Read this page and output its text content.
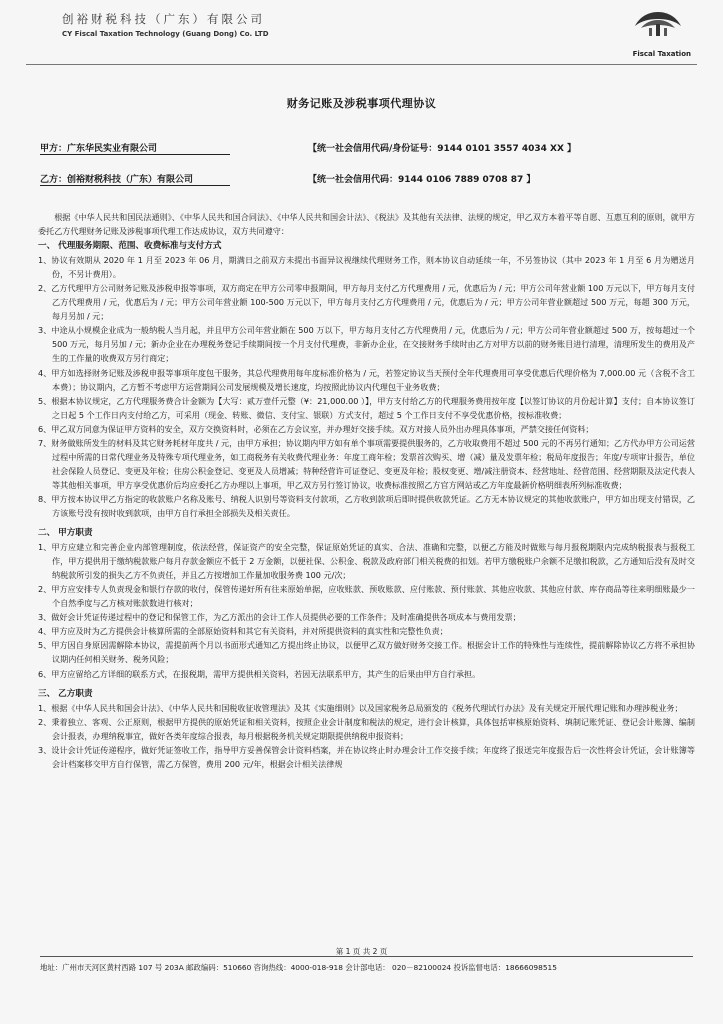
创裕财税科技（广东）有限公司
CY Fiscal Taxation Technology (Guang Dong) Co. LTD
Fiscal Taxation
财务记账及涉税事项代理协议
甲方：广东华民实业有限公司	【统一社会信用代码/身份证号：9144 0101 3557 4034 XX 】
乙方：创裕财税科技（广东）有限公司	【统一社会信用代码：9144 0106 7889 0708 87 】

根据《中华人民共和国民法通则》、《中华人民共和国合同法》、《中华人民共和国会计法》、《税法》及其他有关法律、法规的规定，甲乙双方本着平等自愿、互惠互利的原则，就甲方委托乙方代理财务记账及涉税事项代理工作达成协议，双方共同遵守：

一、 代理服务期限、范围、收费标准与支付方式

1、协议有效期从 2020 年 1 月至 2023 年 06 月，期满日之前双方未提出书面异议视继续代理财务工作，则本协议自动延续一年，不另签协议（其中 2023 年 1 月至 6 月为赠送月份，不另计费用）。

2、乙方代理甲方公司财务记账及涉税申报等事项，双方商定在甲方公司零申报期间，甲方每月支付乙方代理费用 / 元，优惠后为 / 元；甲方公司年营业额 100 万元以下，甲方每月支付乙方代理费用 / 元，优惠后为 / 元；甲方公司年营业额 100-500 万元以下，甲方每月支付乙方代理费用 / 元，优惠后为 / 元；甲方公司年营业额超过 500 万元，每超 300 万元，每月另加 / 元；

3、中途从小规模企业成为一般纳税人当月起，并且甲方公司年营业额在 500 万以下，甲方每月支付乙方代理费用 / 元，优惠后为 / 元；甲方公司年营业额超过 500 万，按每超过一个 500 万元，每月另加 / 元；新办企业在办理税务登记手续期间按一个月支付代理费，非新办企业，在交接财务手续时由乙方对甲方以前的财务账目进行清理，清理所发生的费用及产生的工作量的收费双方另行商定；

4、甲方如选择财务记账及涉税申报等事项年度包干服务，其总代理费用每年度标准价格为 / 元，若签定协议当天预付全年代理费用可享受优惠后代理价格为 7,000.00 元（含税不含工本费）；协议期内，乙方暂不考虑甲方运营期间公司发展规模及增长速度，均按照此协议内代理包干业务收费；

5、根据本协议规定，乙方代理服务费合计金额为【大写：贰万壹仟元整（¥：21,000.00 ）】，甲方支付给乙方的代理服务费用按年度【以签订协议的月份起计算】支付；自本协议签订之日起 5 个工作日内支付给乙方，可采用（现金、转账、微信、支付宝、银联）方式支付，超过 5 个工作日支付不享受优惠价格，按标准收费；

6、甲乙双方同意为保证甲方资料的安全，双方交换资料时，必须在乙方会议室，并办理好交接手续。双方对接人员外出办理具体事项，严禁交接任何资料；

7、财务做账所发生的材料及其它财务耗材年度共 / 元，由甲方承担；协议期内甲方如有单个事项需要提供服务的，乙方收取费用不超过 500 元的不再另行通知；乙方代办甲方公司运营过程中所需的日常代理业务及特殊专项代理业务，如工商税务有关收费代理业务：年度工商年检；发票首次购买、增（减）量及发票年检；税局年度报告；年度/专项审计报告，单位社会保险人员登记、变更及年检；住房公积金登记、变更及人员增减；特种经营许可证登记、变更及年检；股权变更、增/减注册资本、经营地址、经营范围、经营期限及法定代表人等其他相关事项，甲方享受优惠价后均应委托乙方办理以上事项，甲乙双方另行签订协议，收费标准按照乙方官方网站或乙方年度最新价格明细表所列标准收费；

8、甲方按本协议甲乙方指定的收款账户名称及账号、纳税人识别号等资料支付款项，乙方收到款项后即时提供收款凭证。乙方无本协议规定的其他收款账户，甲方如出现支付错误，乙方该账号没有按时收到款项，由甲方自行承担全部损失及相关责任。

二、 甲方职责

1、甲方应建立和完善企业内部管理制度，依法经营，保证资产的安全完整，保证原始凭证的真实、合法、准确和完整，以便乙方能及时做账与每月报税期限内完成纳税报表与报税工作，甲方提供用于缴纳税款账户每月存款金额应不低于 2 万金额，以便社保、公积金、税款及政府部门相关税费的扣划。若甲方缴税账户余额不足缴扣税款，乙方通知后没有及时交纳税款所引发的损失乙方不负责任，并且乙方按增加工作量加收服务费 100 元/次；

2、甲方应安排专人负责现金和银行存款的收付，保管传递好所有往来原始单据，应收账款、预收账款、应付账款、预付账款、其他应收款、其他应付款、库存商品等往来明细账最少一个自然季度与乙方核对账款数进行核对；

3、做好会计凭证传递过程中的登记和保管工作，为乙方派出的会计工作人员提供必要的工作条件；及时准确提供各项成本与费用发票；

4、甲方应及时为乙方提供会计核算所需的全部原始资料和其它有关资料，并对所提供资料的真实性和完整性负责；

5、甲方因自身原因需解除本协议，需提前两个月以书面形式通知乙方提出终止协议，以便甲乙双方做好财务交接工作。根据会计工作的特殊性与连续性，提前解除协议乙方将不承担协议期内任何相关财务、税务风险；

6、甲方应留给乙方详细的联系方式，在报税期，需甲方提供相关资料，若因无法联系甲方，其产生的后果由甲方自行承担。

三、 乙方职责

1、根据《中华人民共和国会计法》、《中华人民共和国税收征收管理法》及其《实施细则》以及国家税务总局颁发的《税务代理试行办法》及有关规定开展代理记账和办理涉税业务；

2、秉着独立、客观、公正原则，根据甲方提供的原始凭证和相关资料，按照企业会计制度和税法的规定，进行会计核算，具体包括审核原始资料、填制记账凭证、登记会计账簿、编制会计报表，办理纳税事宜，做好各类年度综合报表，每月根据税务机关规定期限提供纳税申报资料；

3、设计会计凭证传递程序，做好凭证签收工作，指导甲方妥善保管会计资料档案，并在协议终止时办理会计工作交接手续；年度终了报送完年度报告后一次性将会计凭证，会计账簿等会计档案移交甲方自行保管，需乙方保管，费用 200 元/年，根据会计相关法律规

第 1 页 共 2 页
地址：广州市天河区黄村西路 107 号 203A 邮政编码：510660 咨询热线：4000-018-918 会计部电话： 020－82100024 投诉监督电话：18666098515
